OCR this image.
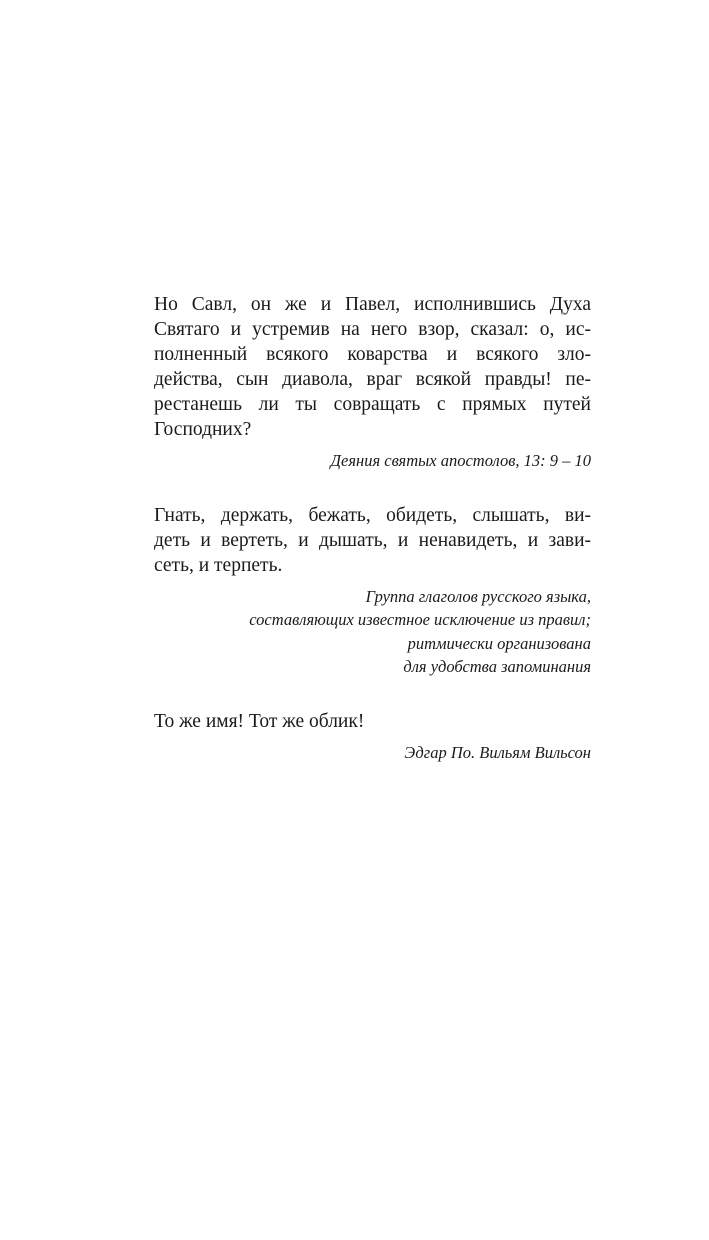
Но Савл, он же и Павел, исполнившись Духа
Святаго и устремив на него взор, сказал: о, ис-
полненный всякого коварства и всякого зло-
действа, сын диавола, враг всякой правды! пе-
рестанешь ли ты совращать с прямых путей
Господних?
Деяния святых апостолов, 13: 9 – 10
Гнать, держать, бежать, обидеть, слышать, ви-
деть и вертеть, и дышать, и ненавидеть, и зави-
сеть, и терпеть.
Группа глаголов русского языка,
составляющих известное исключение из правил;
ритмически организована
для удобства запоминания
То же имя! Тот же облик!
Эдгар По. Вильям Вильсон
